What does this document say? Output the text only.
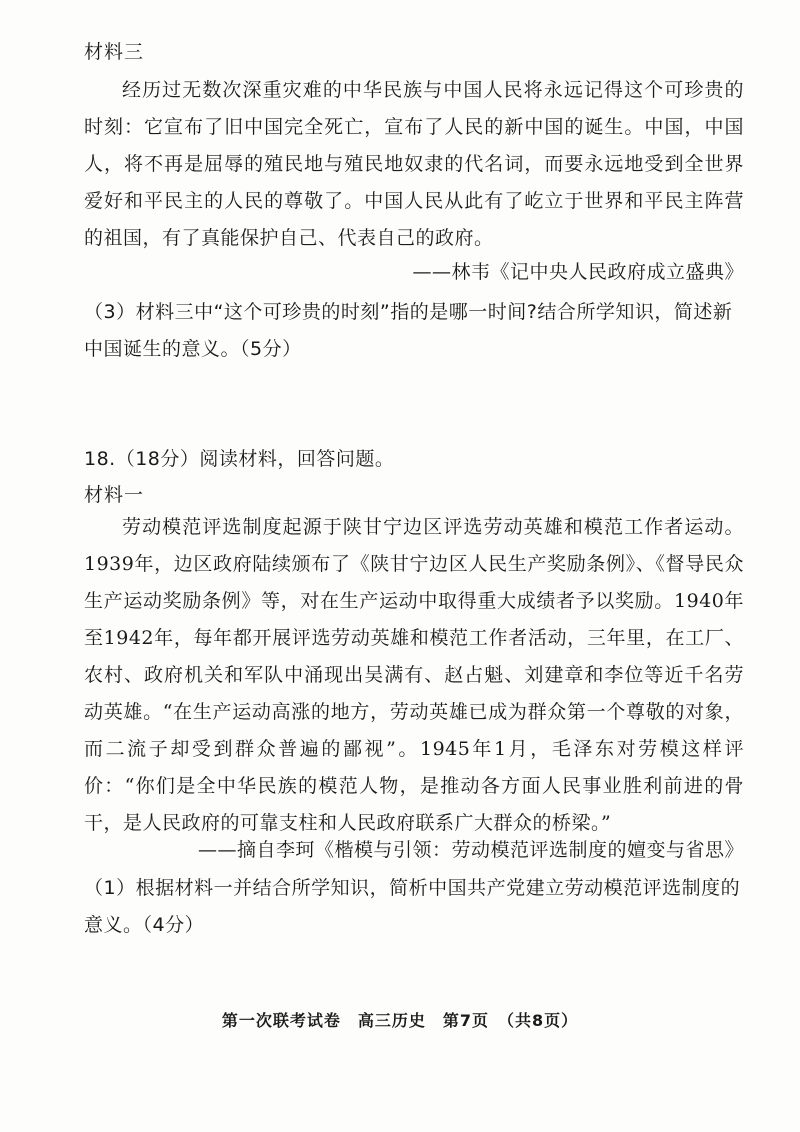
材料三
经历过无数次深重灾难的中华民族与中国人民将永远记得这个可珍贵的时刻：它宣布了旧中国完全死亡，宣布了人民的新中国的诞生。中国，中国人，将不再是屈辱的殖民地与殖民地奴隶的代名词，而要永远地受到全世界爱好和平民主的人民的尊敬了。中国人民从此有了屹立于世界和平民主阵营的祖国，有了真能保护自己、代表自己的政府。
——林韦《记中央人民政府成立盛典》
（3）材料三中“这个可珍贵的时刻”指的是哪一时间?结合所学知识，简述新中国诞生的意义。（5分）
18.（18分）阅读材料，回答问题。
材料一
劳动模范评选制度起源于陕甘宁边区评选劳动英雄和模范工作者运动。1939年，边区政府陆续颁布了《陕甘宁边区人民生产奖励条例》、《督导民众生产运动奖励条例》等，对在生产运动中取得重大成绩者予以奖励。1940年至1942年，每年都开展评选劳动英雄和模范工作者活动，三年里，在工厂、农村、政府机关和军队中涌现出吴满有、赵占魁、刘建章和李位等近千名劳动英雄。“在生产运动高涨的地方，劳动英雄已成为群众第一个尊敬的对象，而二流子却受到群众普遍的鄙视”。1945年1月，毛泽东对劳模这样评价：“你们是全中华民族的模范人物，是推动各方面人民事业胜利前进的骨干，是人民政府的可靠支柱和人民政府联系广大群众的桥梁。”
——摘自李珂《楷模与引领：劳动模范评选制度的嬗变与省思》
（1）根据材料一并结合所学知识，简析中国共产党建立劳动模范评选制度的意义。（4分）
第一次联考试卷　高三历史　第7页　（共8页）
